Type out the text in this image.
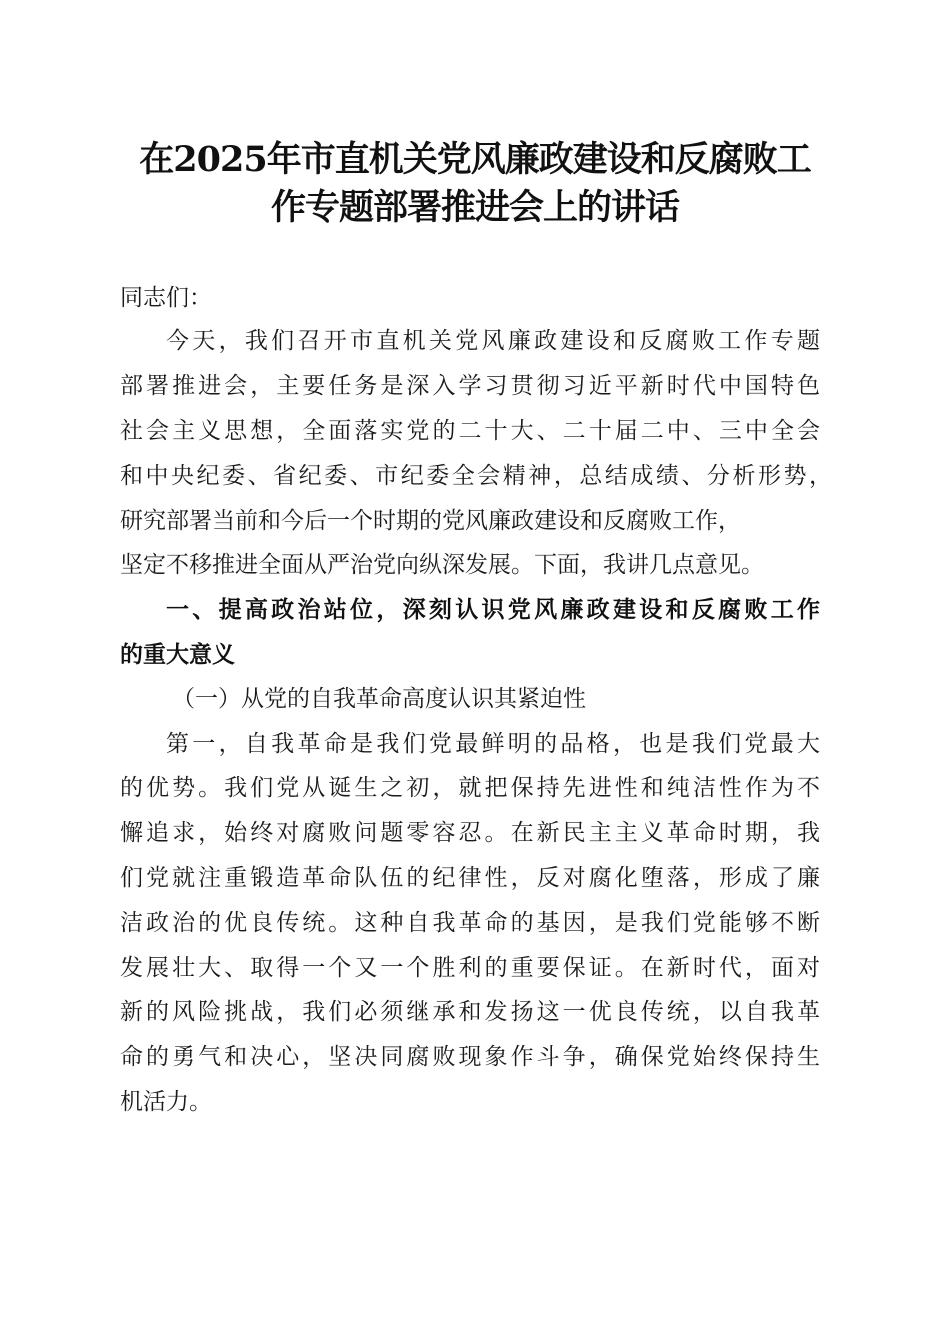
在2025年市直机关党风廉政建设和反腐败工
作专题部署推进会上的讲话
同志们：
今天，我们召开市直机关党风廉政建设和反腐败工作专题
部署推进会，主要任务是深入学习贯彻习近平新时代中国特色
社会主义思想，全面落实党的二十大、二十届二中、三中全会
和中央纪委、省纪委、市纪委全会精神，总结成绩、分析形势，
研究部署当前和今后一个时期的党风廉政建设和反腐败工作，
坚定不移推进全面从严治党向纵深发展。下面，我讲几点意见。
一、提高政治站位，深刻认识党风廉政建设和反腐败工作
的重大意义
（一）从党的自我革命高度认识其紧迫性
第一，自我革命是我们党最鲜明的品格，也是我们党最大
的优势。我们党从诞生之初，就把保持先进性和纯洁性作为不
懈追求，始终对腐败问题零容忍。在新民主主义革命时期，我
们党就注重锻造革命队伍的纪律性，反对腐化堕落，形成了廉
洁政治的优良传统。这种自我革命的基因，是我们党能够不断
发展壮大、取得一个又一个胜利的重要保证。在新时代，面对
新的风险挑战，我们必须继承和发扬这一优良传统，以自我革
命的勇气和决心，坚决同腐败现象作斗争，确保党始终保持生
机活力。
